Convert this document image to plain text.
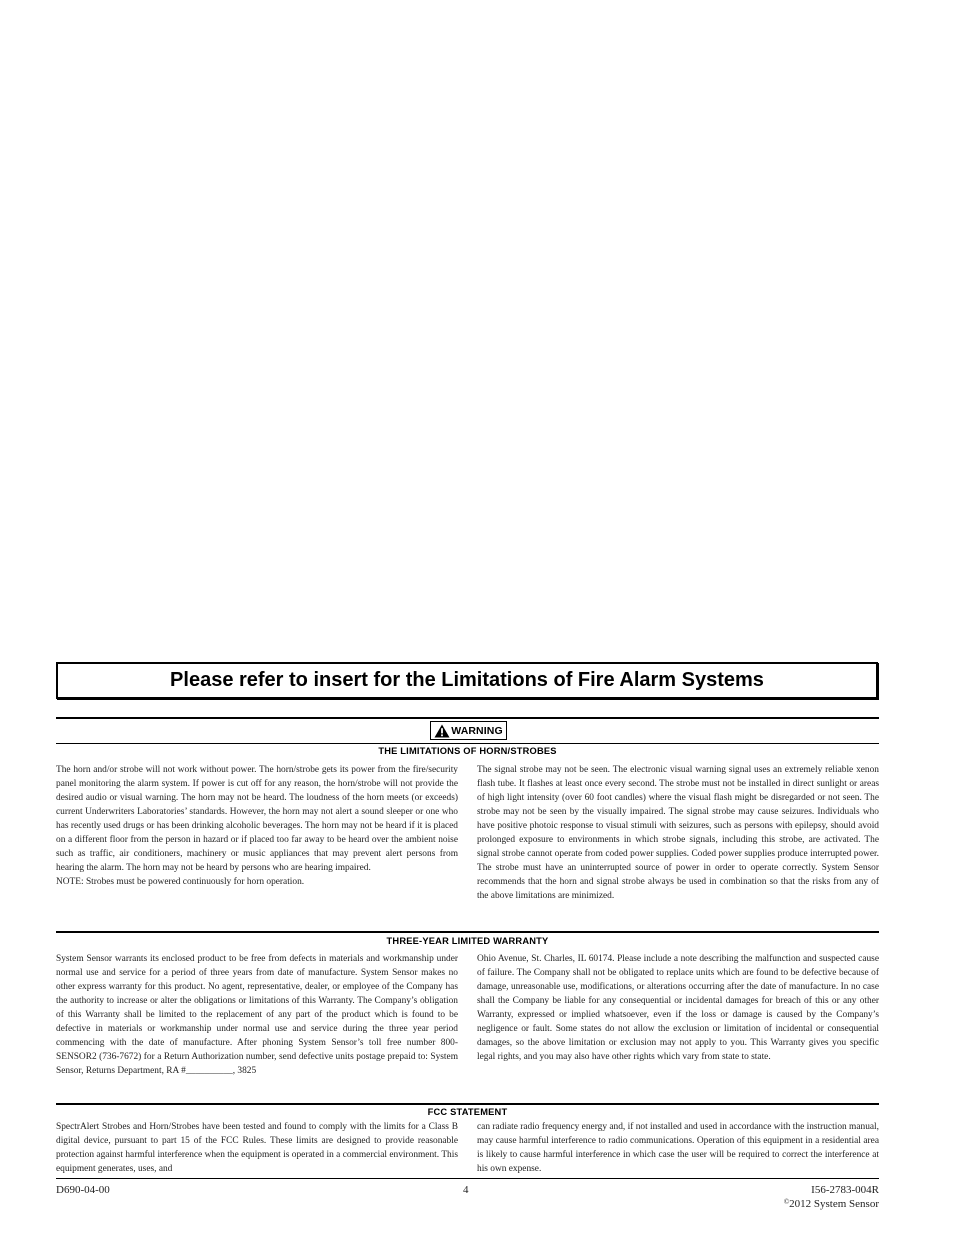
Please refer to insert for the Limitations of Fire Alarm Systems
WARNING
THE LIMITATIONS OF HORN/STROBES

The horn and/or strobe will not work without power. The horn/strobe gets its power from the fire/security panel monitoring the alarm system. If power is cut off for any reason, the horn/strobe will not provide the desired audio or visual warning. The horn may not be heard. The loudness of the horn meets (or exceeds) current Underwriters Laboratories’ standards. However, the horn may not alert a sound sleeper or one who has recently used drugs or has been drinking alcoholic beverages. The horn may not be heard if it is placed on a different floor from the person in hazard or if placed too far away to be heard over the ambient noise such as traffic, air conditioners, machinery or music appliances that may prevent alert persons from hearing the alarm. The horn may not be heard by persons who are hearing impaired.

NOTE: Strobes must be powered continuously for horn operation.

The signal strobe may not be seen. The electronic visual warning signal uses an extremely reliable xenon flash tube. It flashes at least once every second. The strobe must not be installed in direct sunlight or areas of high light intensity (over 60 foot candles) where the visual flash might be disregarded or not seen. The strobe may not be seen by the visually impaired. The signal strobe may cause seizures. Individuals who have positive photoic response to visual stimuli with seizures, such as persons with epilepsy, should avoid prolonged exposure to environments in which strobe signals, including this strobe, are activated. The signal strobe cannot operate from coded power supplies. Coded power supplies produce interrupted power. The strobe must have an uninterrupted source of power in order to operate correctly. System Sensor recommends that the horn and signal strobe always be used in combination so that the risks from any of the above limitations are minimized.

THREE-YEAR LIMITED WARRANTY

System Sensor warrants its enclosed product to be free from defects in materials and workmanship under normal use and service for a period of three years from date of manufacture. System Sensor makes no other express warranty for this product. No agent, representative, dealer, or employee of the Company has the authority to increase or alter the obligations or limitations of this Warranty. The Company’s obligation of this Warranty shall be limited to the replacement of any part of the product which is found to be defective in materials or workmanship under normal use and service during the three year period commencing with the date of manufacture. After phoning System Sensor’s toll free number 800-SENSOR2 (736-7672) for a Return Authorization number, send defective units postage prepaid to: System Sensor, Returns Department, RA #__________, 3825

Ohio Avenue, St. Charles, IL 60174. Please include a note describing the malfunction and suspected cause of failure. The Company shall not be obligated to replace units which are found to be defective because of damage, unreasonable use, modifications, or alterations occurring after the date of manufacture. In no case shall the Company be liable for any consequential or incidental damages for breach of this or any other Warranty, expressed or implied whatsoever, even if the loss or damage is caused by the Company’s negligence or fault. Some states do not allow the exclusion or limitation of incidental or consequential damages, so the above limitation or exclusion may not apply to you. This Warranty gives you specific legal rights, and you may also have other rights which vary from state to state.

FCC STATEMENT

SpectrAlert Strobes and Horn/Strobes have been tested and found to comply with the limits for a Class B digital device, pursuant to part 15 of the FCC Rules. These limits are designed to provide reasonable protection against harmful interference when the equipment is operated in a commercial environment. This equipment generates, uses, and

can radiate radio frequency energy and, if not installed and used in accordance with the instruction manual, may cause harmful interference to radio communications. Operation of this equipment in a residential area is likely to cause harmful interference in which case the user will be required to correct the interference at his own expense.

D690-04-00	4	I56-2783-004R
©2012 System Sensor
